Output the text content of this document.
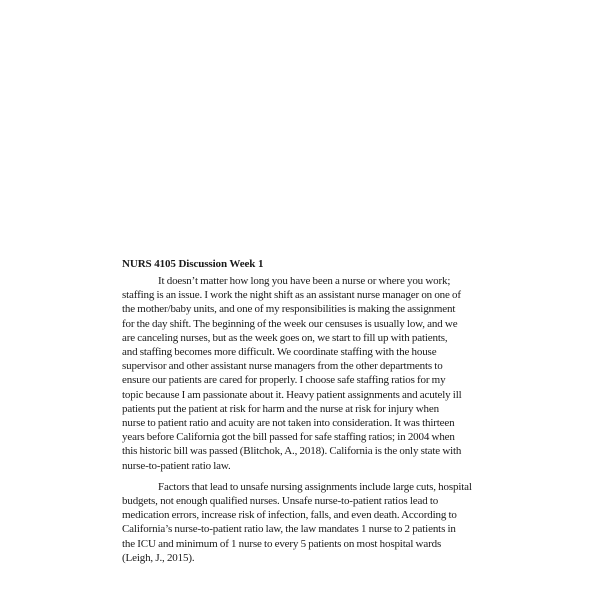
NURS 4105 Discussion Week 1

It doesn’t matter how long you have been a nurse or where you work;
staffing is an issue. I work the night shift as an assistant nurse manager on one of
the mother/baby units, and one of my responsibilities is making the assignment
for the day shift. The beginning of the week our censuses is usually low, and we
are canceling nurses, but as the week goes on, we start to fill up with patients,
and staffing becomes more difficult. We coordinate staffing with the house
supervisor and other assistant nurse managers from the other departments to
ensure our patients are cared for properly. I choose safe staffing ratios for my
topic because I am passionate about it. Heavy patient assignments and acutely ill
patients put the patient at risk for harm and the nurse at risk for injury when
nurse to patient ratio and acuity are not taken into consideration. It was thirteen
years before California got the bill passed for safe staffing ratios; in 2004 when
this historic bill was passed (Blitchok, A., 2018). California is the only state with
nurse-to-patient ratio law.

Factors that lead to unsafe nursing assignments include large cuts, hospital
budgets, not enough qualified nurses. Unsafe nurse-to-patient ratios lead to
medication errors, increase risk of infection, falls, and even death. According to
California’s nurse-to-patient ratio law, the law mandates 1 nurse to 2 patients in
the ICU and minimum of 1 nurse to every 5 patients on most hospital wards
(Leigh, J., 2015).
